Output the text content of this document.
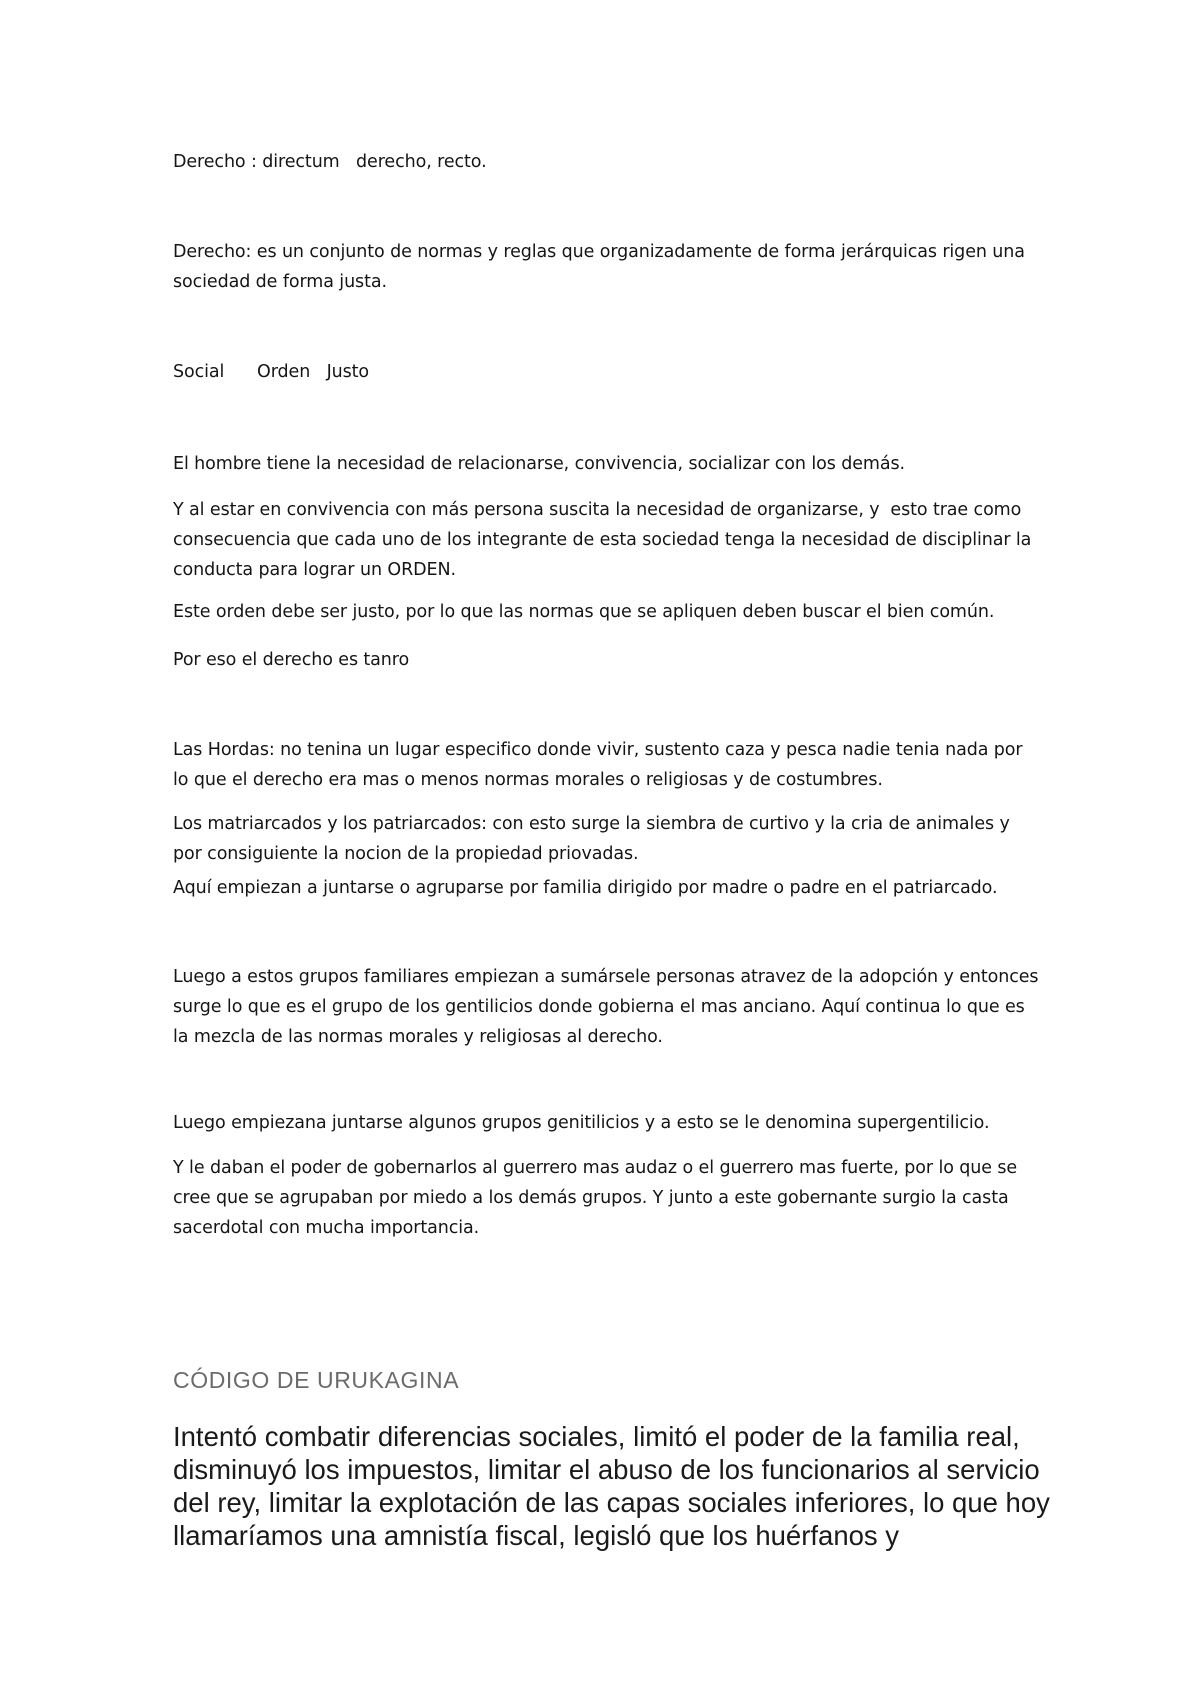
Derecho : directum   derecho, recto.

Derecho: es un conjunto de normas y reglas que organizadamente de forma jerárquicas rigen una sociedad de forma justa.

Social      Orden   Justo

El hombre tiene la necesidad de relacionarse, convivencia, socializar con los demás.

Y al estar en convivencia con más persona suscita la necesidad de organizarse, y  esto trae como consecuencia que cada uno de los integrante de esta sociedad tenga la necesidad de disciplinar la conducta para lograr un ORDEN.

Este orden debe ser justo, por lo que las normas que se apliquen deben buscar el bien común.

Por eso el derecho es tanro

Las Hordas: no tenina un lugar especifico donde vivir, sustento caza y pesca nadie tenia nada por lo que el derecho era mas o menos normas morales o religiosas y de costumbres.

Los matriarcados y los patriarcados: con esto surge la siembra de curtivo y la cria de animales y por consiguiente la nocion de la propiedad priovadas.

Aquí empiezan a juntarse o agruparse por familia dirigido por madre o padre en el patriarcado.

Luego a estos grupos familiares empiezan a sumársele personas atravez de la adopción y entonces surge lo que es el grupo de los gentilicios donde gobierna el mas anciano. Aquí continua lo que es la mezcla de las normas morales y religiosas al derecho.

Luego empiezana juntarse algunos grupos genitilicios y a esto se le denomina supergentilicio.

Y le daban el poder de gobernarlos al guerrero mas audaz o el guerrero mas fuerte, por lo que se cree que se agrupaban por miedo a los demás grupos. Y junto a este gobernante surgio la casta sacerdotal con mucha importancia.

CÓDIGO DE URUKAGINA

Intentó combatir diferencias sociales, limitó el poder de la familia real, disminuyó los impuestos, limitar el abuso de los funcionarios al servicio del rey, limitar la explotación de las capas sociales inferiores, lo que hoy llamaríamos una amnistía fiscal, legisló que los huérfanos y
